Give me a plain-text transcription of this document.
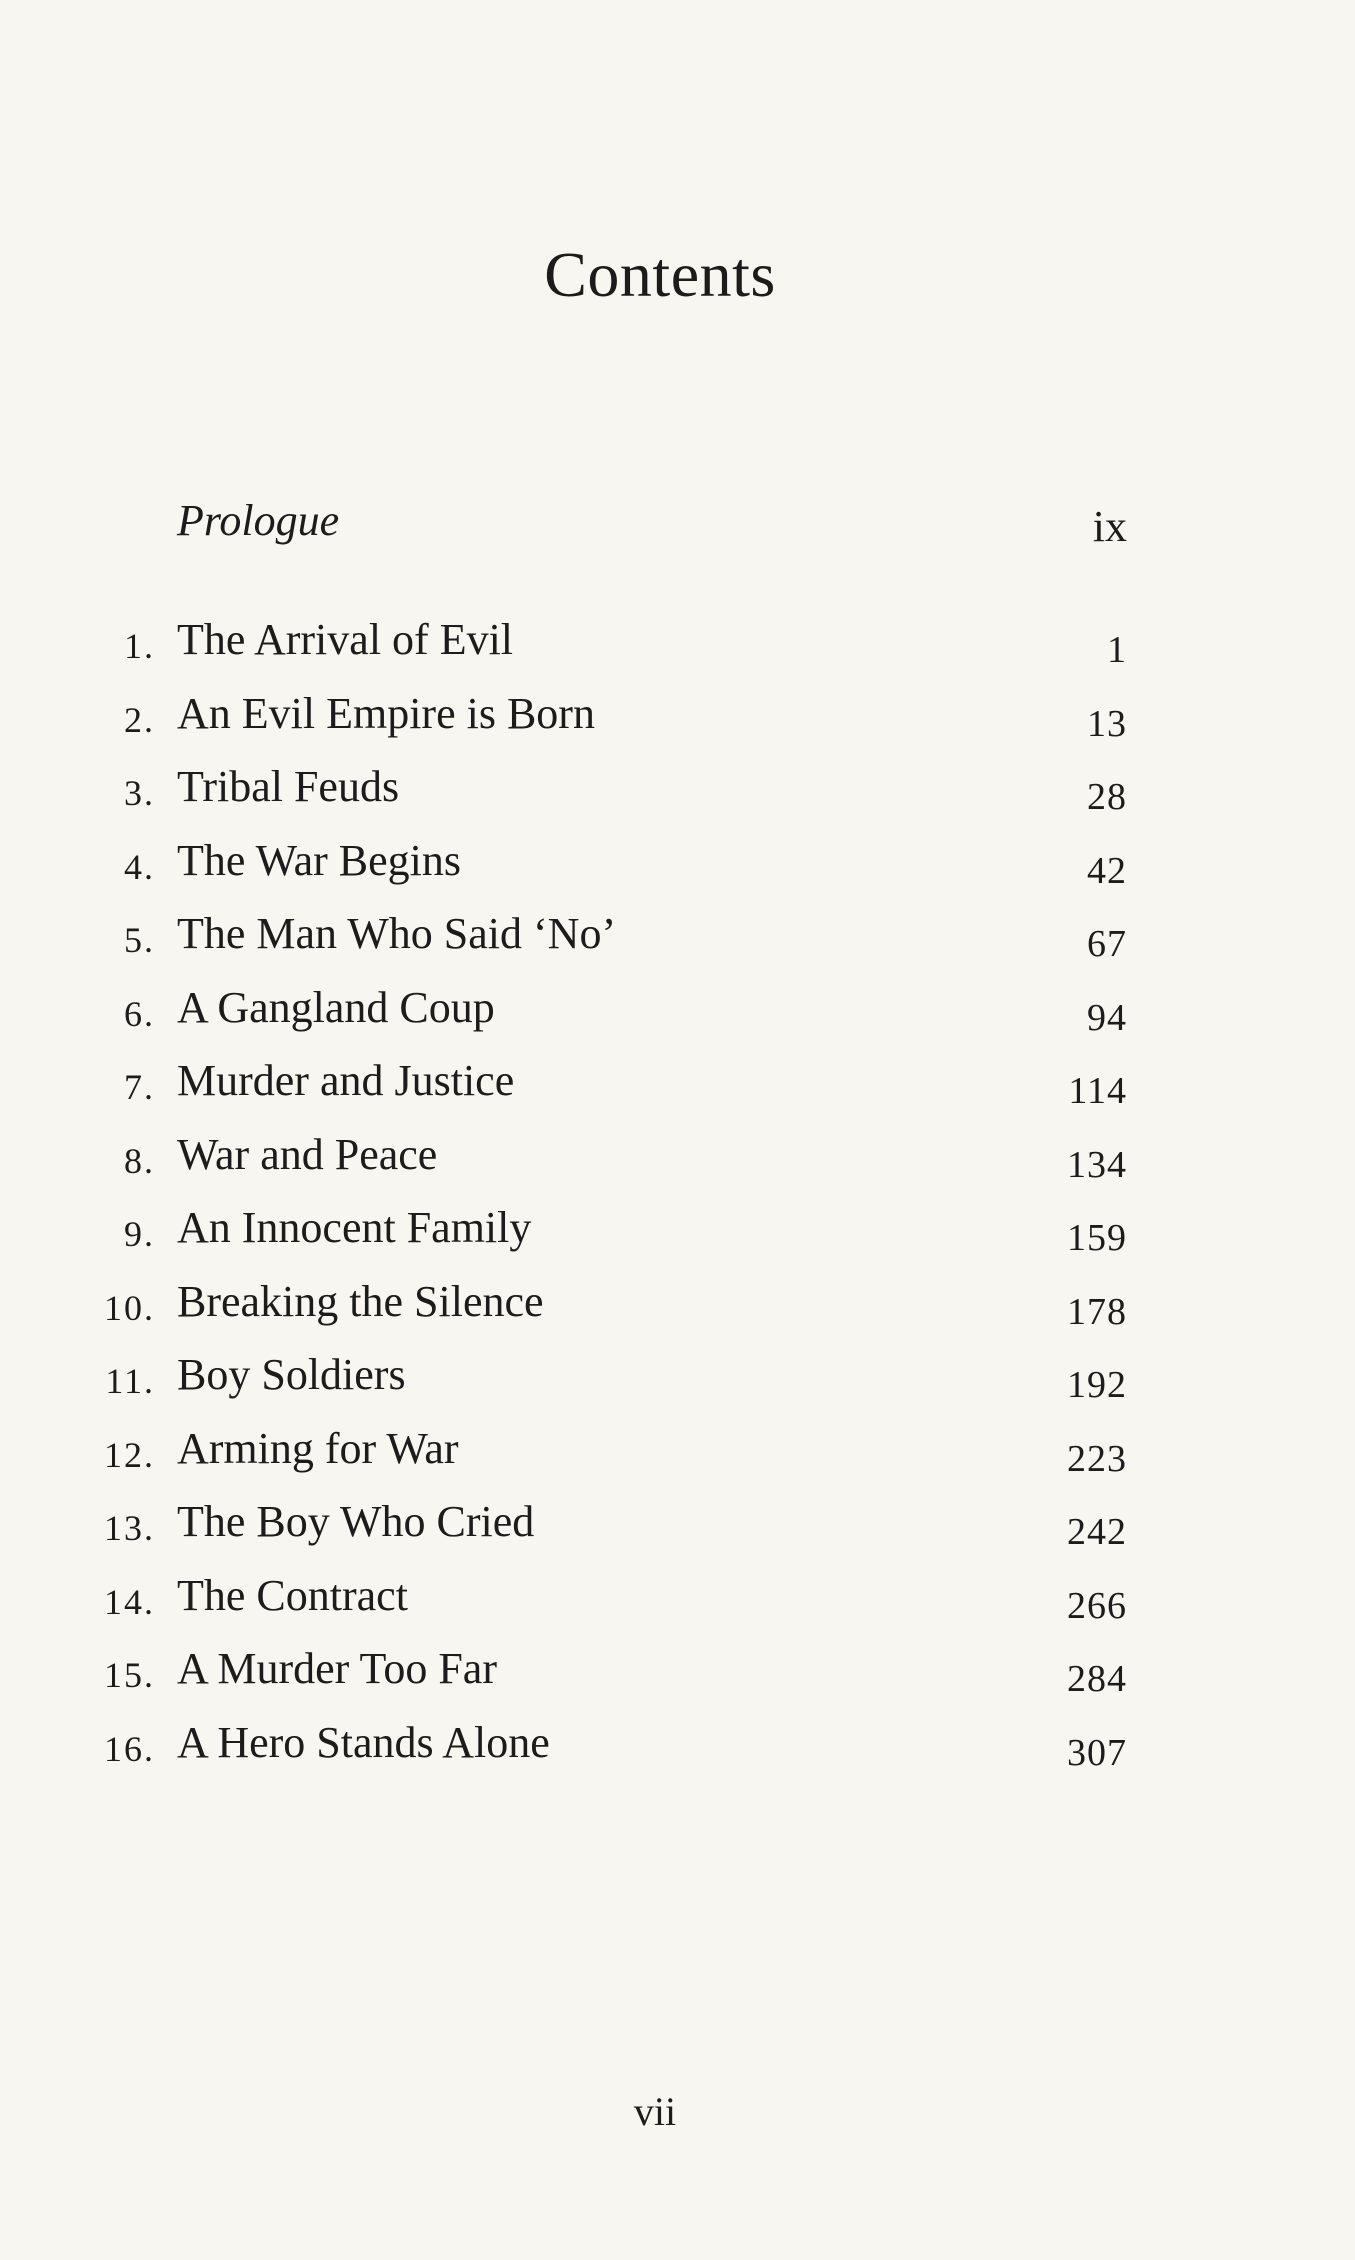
Contents
Prologue	ix
1. The Arrival of Evil	1
2. An Evil Empire is Born	13
3. Tribal Feuds	28
4. The War Begins	42
5. The Man Who Said ‘No’	67
6. A Gangland Coup	94
7. Murder and Justice	114
8. War and Peace	134
9. An Innocent Family	159
10. Breaking the Silence	178
11. Boy Soldiers	192
12. Arming for War	223
13. The Boy Who Cried	242
14. The Contract	266
15. A Murder Too Far	284
16. A Hero Stands Alone	307
vii
